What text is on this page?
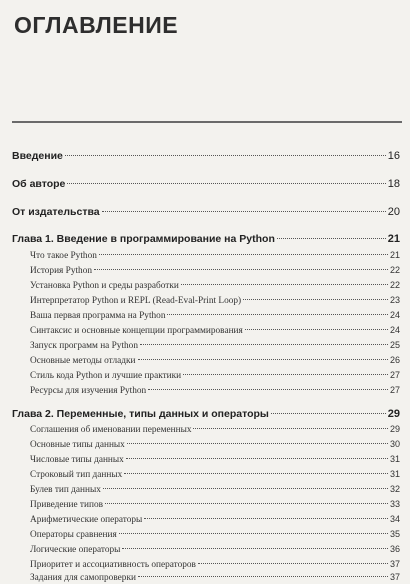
ОГЛАВЛЕНИЕ
Введение	16
Об авторе	18
От издательства	20
Глава 1. Введение в программирование на Python	21
Что такое Python	21
История Python	22
Установка Python и среды разработки	22
Интерпретатор Python и REPL (Read-Eval-Print Loop)	23
Ваша первая программа на Python	24
Синтаксис и основные концепции программирования	24
Запуск программ на Python	25
Основные методы отладки	26
Стиль кода Python и лучшие практики	27
Ресурсы для изучения Python	27
Глава 2. Переменные, типы данных и операторы	29
Соглашения об именовании переменных	29
Основные типы данных	30
Числовые типы данных	31
Строковый тип данных	31
Булев тип данных	32
Приведение типов	33
Арифметические операторы	34
Операторы сравнения	35
Логические операторы	36
Приоритет и ассоциативность операторов	37
Задания для самопроверки	37
